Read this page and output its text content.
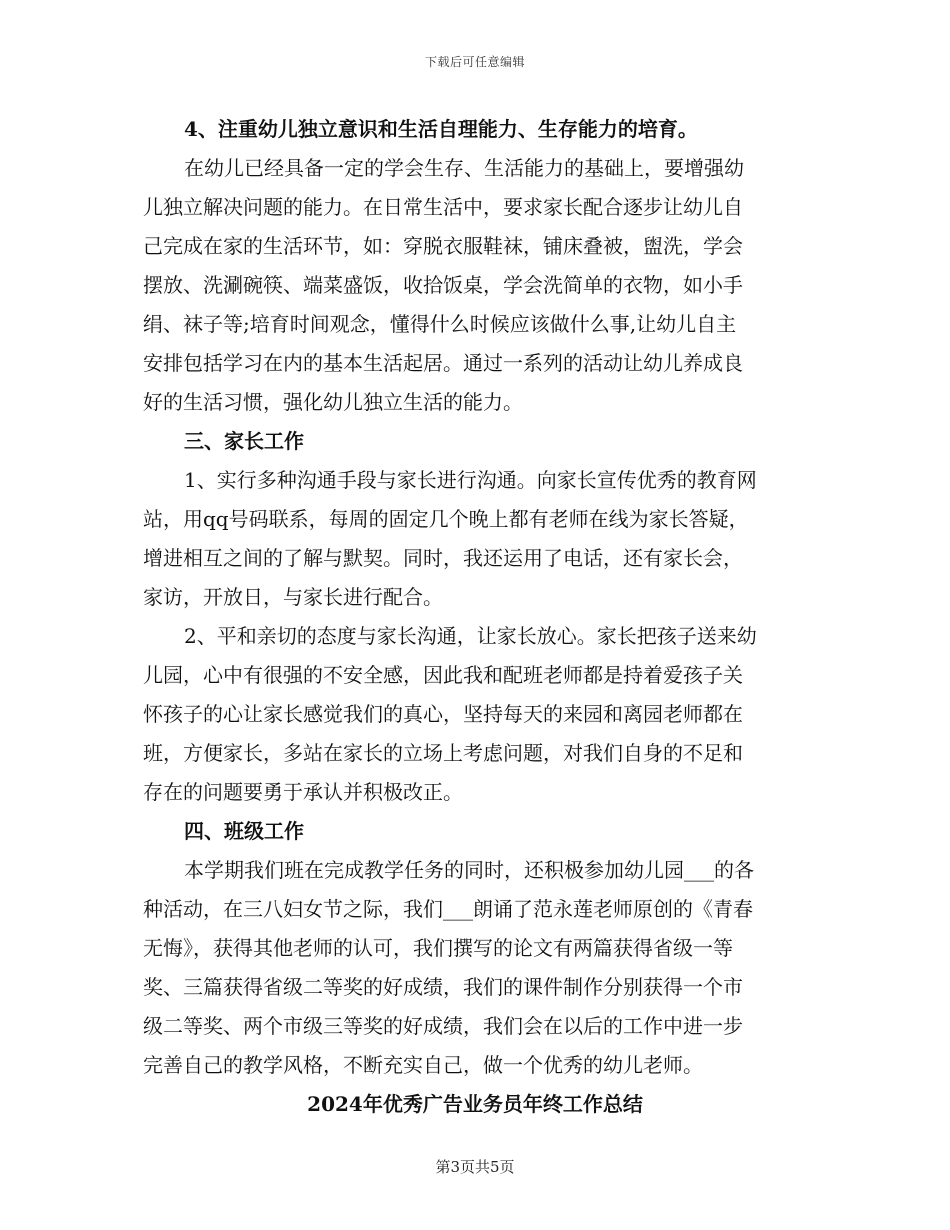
下载后可任意编辑
4、注重幼儿独立意识和生活自理能力、生存能力的培育。
在幼儿已经具备一定的学会生存、生活能力的基础上，要增强幼
儿独立解决问题的能力。在日常生活中，要求家长配合逐步让幼儿自
己完成在家的生活环节，如：穿脱衣服鞋袜，铺床叠被，盥洗，学会
摆放、洗涮碗筷、端菜盛饭，收拾饭桌，学会洗简单的衣物，如小手
绢、袜子等;培育时间观念，懂得什么时候应该做什么事,让幼儿自主
安排包括学习在内的基本生活起居。通过一系列的活动让幼儿养成良
好的生活习惯，强化幼儿独立生活的能力。
三、家长工作
1、实行多种沟通手段与家长进行沟通。向家长宣传优秀的教育网
站，用qq号码联系，每周的固定几个晚上都有老师在线为家长答疑，
增进相互之间的了解与默契。同时，我还运用了电话，还有家长会，
家访，开放日，与家长进行配合。
2、平和亲切的态度与家长沟通，让家长放心。家长把孩子送来幼
儿园，心中有很强的不安全感，因此我和配班老师都是持着爱孩子关
怀孩子的心让家长感觉我们的真心，坚持每天的来园和离园老师都在
班，方便家长，多站在家长的立场上考虑问题，对我们自身的不足和
存在的问题要勇于承认并积极改正。
四、班级工作
本学期我们班在完成教学任务的同时，还积极参加幼儿园___的各
种活动，在三八妇女节之际，我们___朗诵了范永莲老师原创的《青春
无悔》，获得其他老师的认可，我们撰写的论文有两篇获得省级一等
奖、三篇获得省级二等奖的好成绩，我们的课件制作分别获得一个市
级二等奖、两个市级三等奖的好成绩，我们会在以后的工作中进一步
完善自己的教学风格，不断充实自己，做一个优秀的幼儿老师。
2024年优秀广告业务员年终工作总结
第3页共5页
